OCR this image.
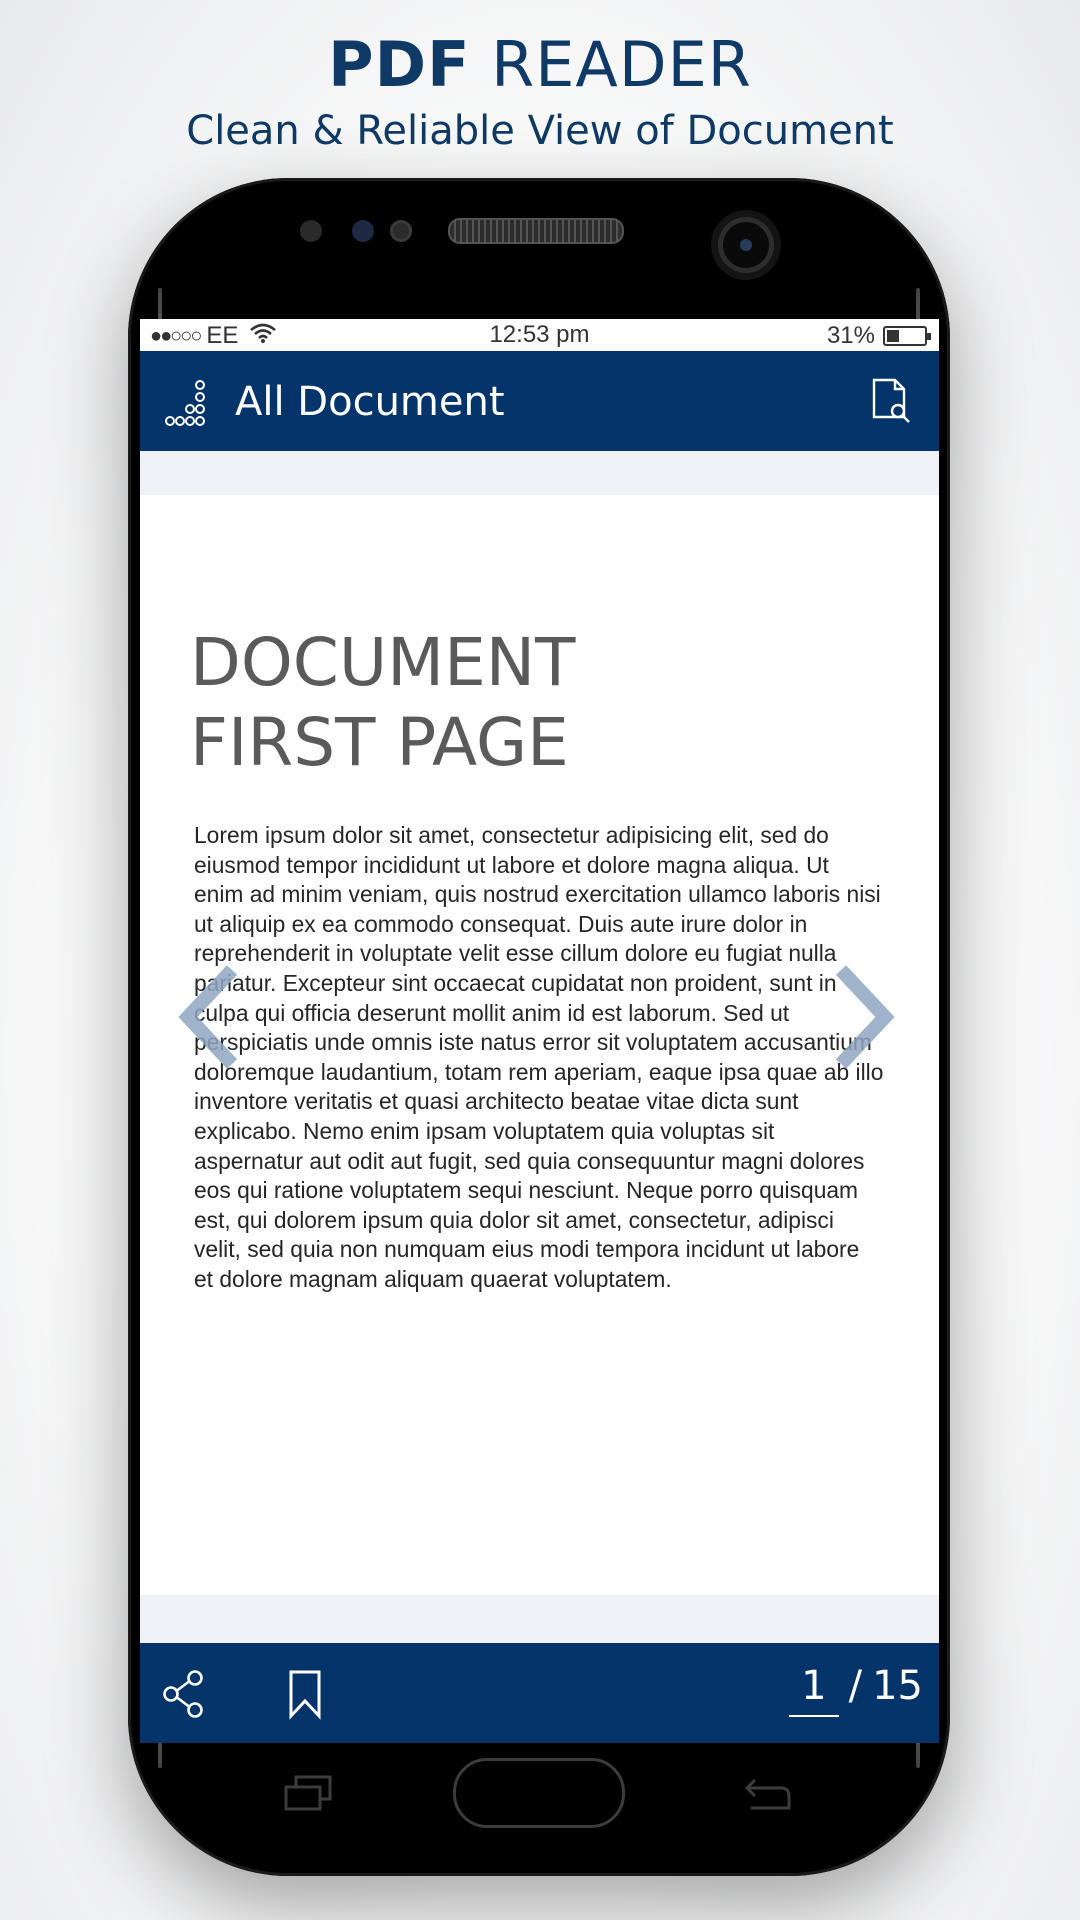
PDF READER
Clean & Reliable View of Document
●●○○○ EE	12:53 pm	31%
All Document
DOCUMENT
FIRST PAGE
Lorem ipsum dolor sit amet, consectetur adipisicing elit, sed do eiusmod tempor incididunt ut labore et dolore magna aliqua. Ut enim ad minim veniam, quis nostrud exercitation ullamco laboris nisi ut aliquip ex ea commodo consequat. Duis aute irure dolor in reprehenderit in voluptate velit esse cillum dolore eu fugiat nulla pariatur. Excepteur sint occaecat cupidatat non proident, sunt in culpa qui officia deserunt mollit anim id est laborum. Sed ut perspiciatis unde omnis iste natus error sit voluptatem accusantium doloremque laudantium, totam rem aperiam, eaque ipsa quae ab illo inventore veritatis et quasi architecto beatae vitae dicta sunt explicabo. Nemo enim ipsam voluptatem quia voluptas sit aspernatur aut odit aut fugit, sed quia consequuntur magni dolores eos qui ratione voluptatem sequi nesciunt. Neque porro quisquam est, qui dolorem ipsum quia dolor sit amet, consectetur, adipisci velit, sed quia non numquam eius modi tempora incidunt ut labore et dolore magnam aliquam quaerat voluptatem.
1 / 15
